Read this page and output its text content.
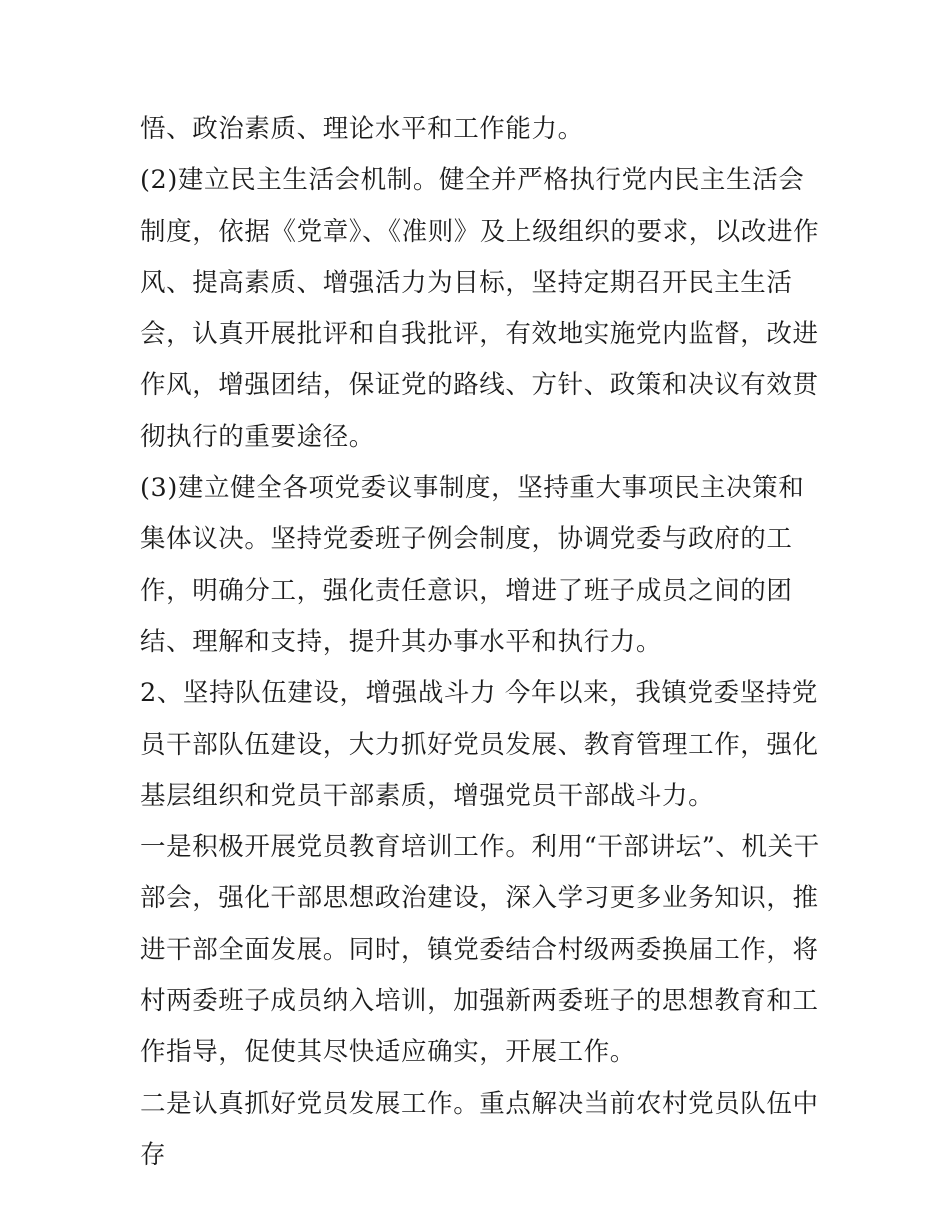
悟、政治素质、理论水平和工作能力。

(2)建立民主生活会机制。健全并严格执行党内民主生活会制度，依据《党章》、《准则》及上级组织的要求，以改进作风、提高素质、增强活力为目标，坚持定期召开民主生活会，认真开展批评和自我批评，有效地实施党内监督，改进作风，增强团结，保证党的路线、方针、政策和决议有效贯彻执行的重要途径。

(3)建立健全各项党委议事制度，坚持重大事项民主决策和集体议决。坚持党委班子例会制度，协调党委与政府的工作，明确分工，强化责任意识，增进了班子成员之间的团结、理解和支持，提升其办事水平和执行力。

2、坚持队伍建设，增强战斗力 今年以来，我镇党委坚持党员干部队伍建设，大力抓好党员发展、教育管理工作，强化基层组织和党员干部素质，增强党员干部战斗力。

一是积极开展党员教育培训工作。利用“干部讲坛”、机关干部会，强化干部思想政治建设，深入学习更多业务知识，推进干部全面发展。同时，镇党委结合村级两委换届工作，将村两委班子成员纳入培训，加强新两委班子的思想教育和工作指导，促使其尽快适应确实，开展工作。

二是认真抓好党员发展工作。重点解决当前农村党员队伍中存
